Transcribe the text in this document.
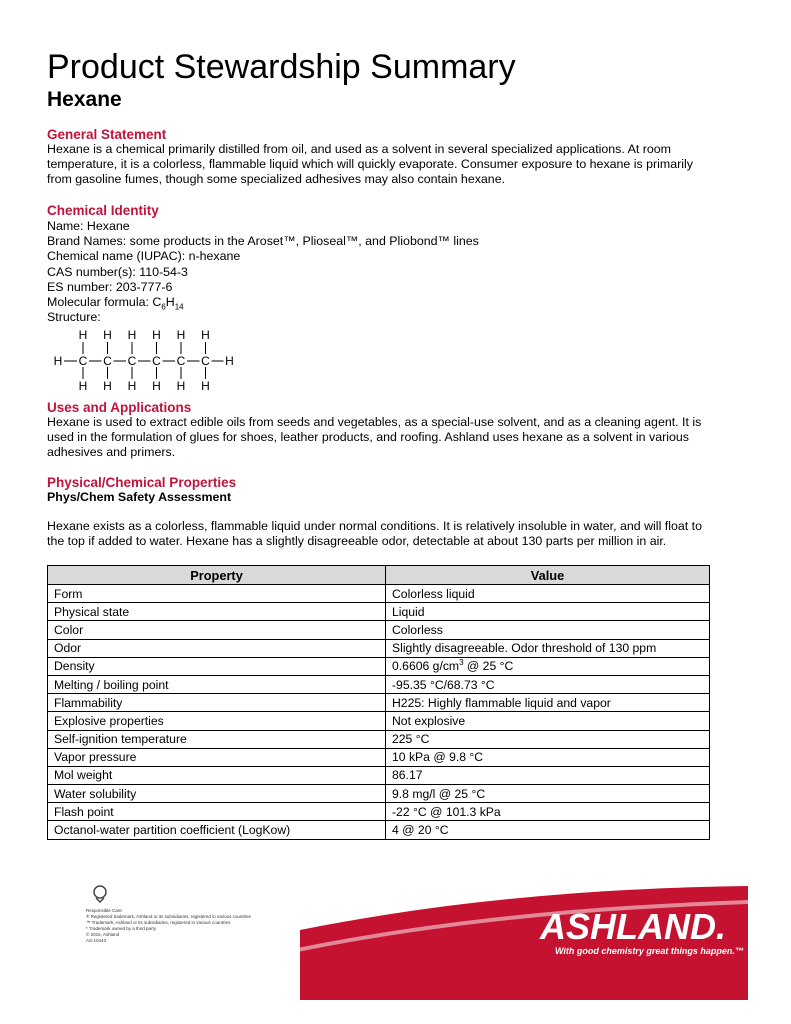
Product Stewardship Summary
Hexane
General Statement
Hexane is a chemical primarily distilled from oil, and used as a solvent in several specialized applications. At room
temperature, it is a colorless, flammable liquid which will quickly evaporate. Consumer exposure to hexane is primarily
from gasoline fumes, though some specialized adhesives may also contain hexane.
Chemical Identity
Name: Hexane
Brand Names: some products in the Aroset™, Plioseal™, and Pliobond™ lines
Chemical name (IUPAC): n-hexane
CAS number(s): 110-54-3
ES number: 203-777-6
Molecular formula: $C_6H_{14}$
Structure:
H C
H
H
C
H
H
C
H
H
C
H
H
C
H
H
C
H
H
H
Uses and Applications
Hexane is used to extract edible oils from seeds and vegetables, as a special-use solvent, and as a cleaning agent. It is
used in the formulation of glues for shoes, leather products, and roofing. Ashland uses hexane as a solvent in various
adhesives and primers.
Physical/Chemical Properties
Phys/Chem Safety Assessment
Hexane exists as a colorless, flammable liquid under normal conditions. It is relatively insoluble in water, and will float to
the top if added to water. Hexane has a slightly disagreeable odor, detectable at about 130 parts per million in air.
Property	Value
Form	Colorless liquid
Physical state	Liquid
Color	Colorless
Odor	Slightly disagreeable. Odor threshold of 130 ppm
Density	0.6606 $g/cm^3$ @ 25 °C
Melting / boiling point	-95.35 °C/68.73 °C
Flammability	H225: Highly flammable liquid and vapor
Explosive properties	Not explosive
Self-ignition temperature	225 °C
Vapor pressure	10 kPa @ 9.8 °C
Mol weight	86.17
Water solubility	9.8 mg/l @ 25 °C
Flash point	-22 °C @ 101.3 kPa
Octanol-water partition coefficient (LogKow)	4 @ 20 °C
Responsible Care
® Registered trademark, Ashland or its subsidiaries, registered in various countries
™ Trademark, Ashland or its subsidiaries, registered in various countries
* Trademark owned by a third party
© 2015, Ashland
AS-10443	ASHLAND.
With good chemistry great things happen.™
